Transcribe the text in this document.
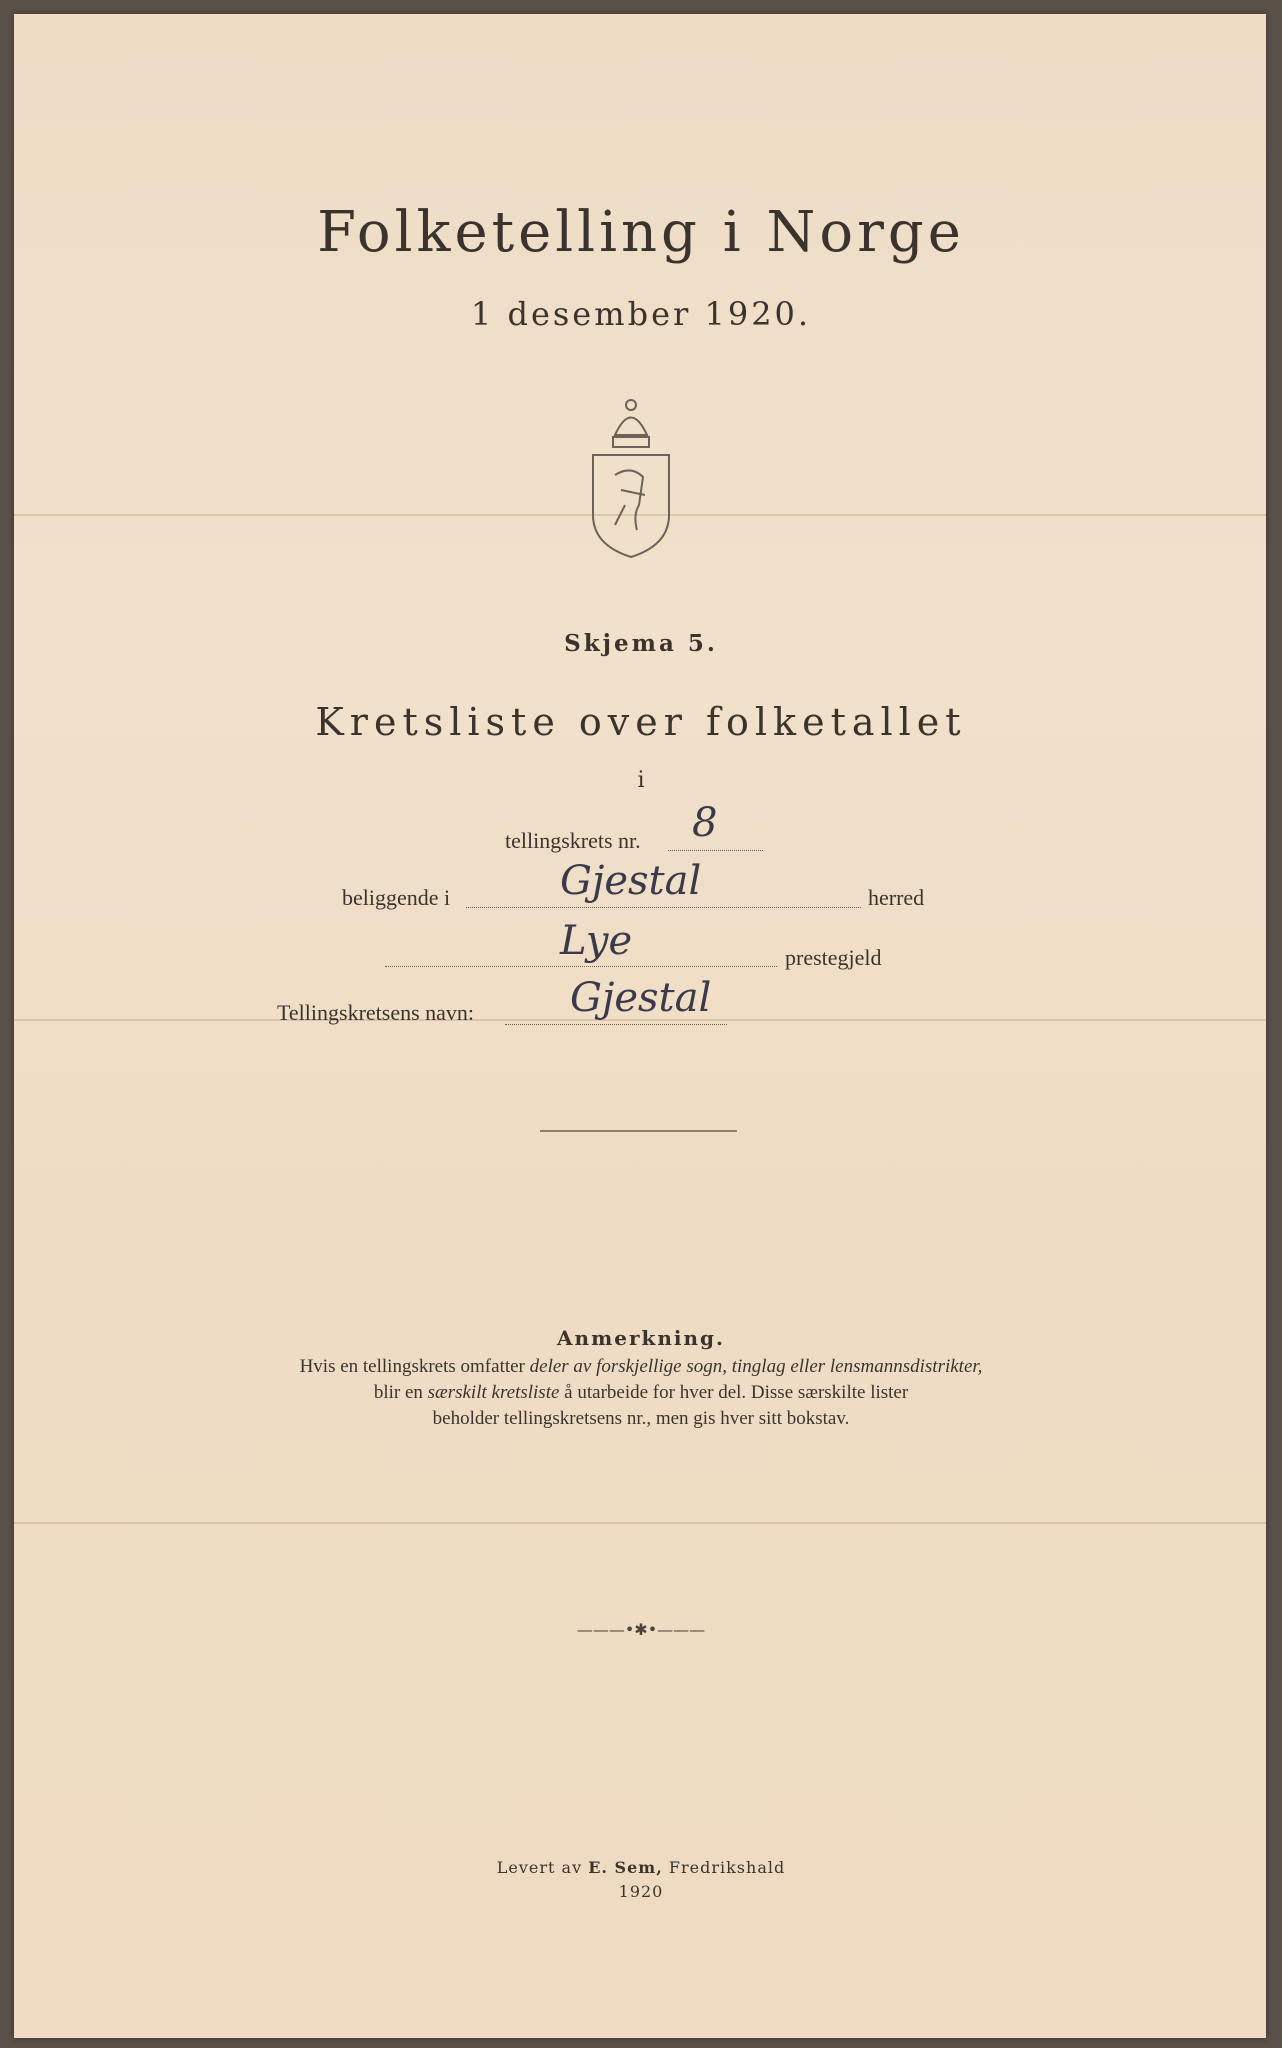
Folketelling i Norge
1 desember 1920.
Skjema 5.
Kretsliste over folketallet
i
tellingskrets nr. 8
beliggende i	Gjestal	herred
Lye	prestegjeld
Tellingskretsens navn: Gjestal
Anmerkning.
Hvis en tellingskrets omfatter deler av forskjellige sogn, tinglag eller lensmannsdistrikter,
blir en særskilt kretsliste å utarbeide for hver del. Disse særskilte lister
beholder tellingskretsens nr., men gis hver sitt bokstav.
———•✱•———
Levert av E. Sem, Fredrikshald
1920
